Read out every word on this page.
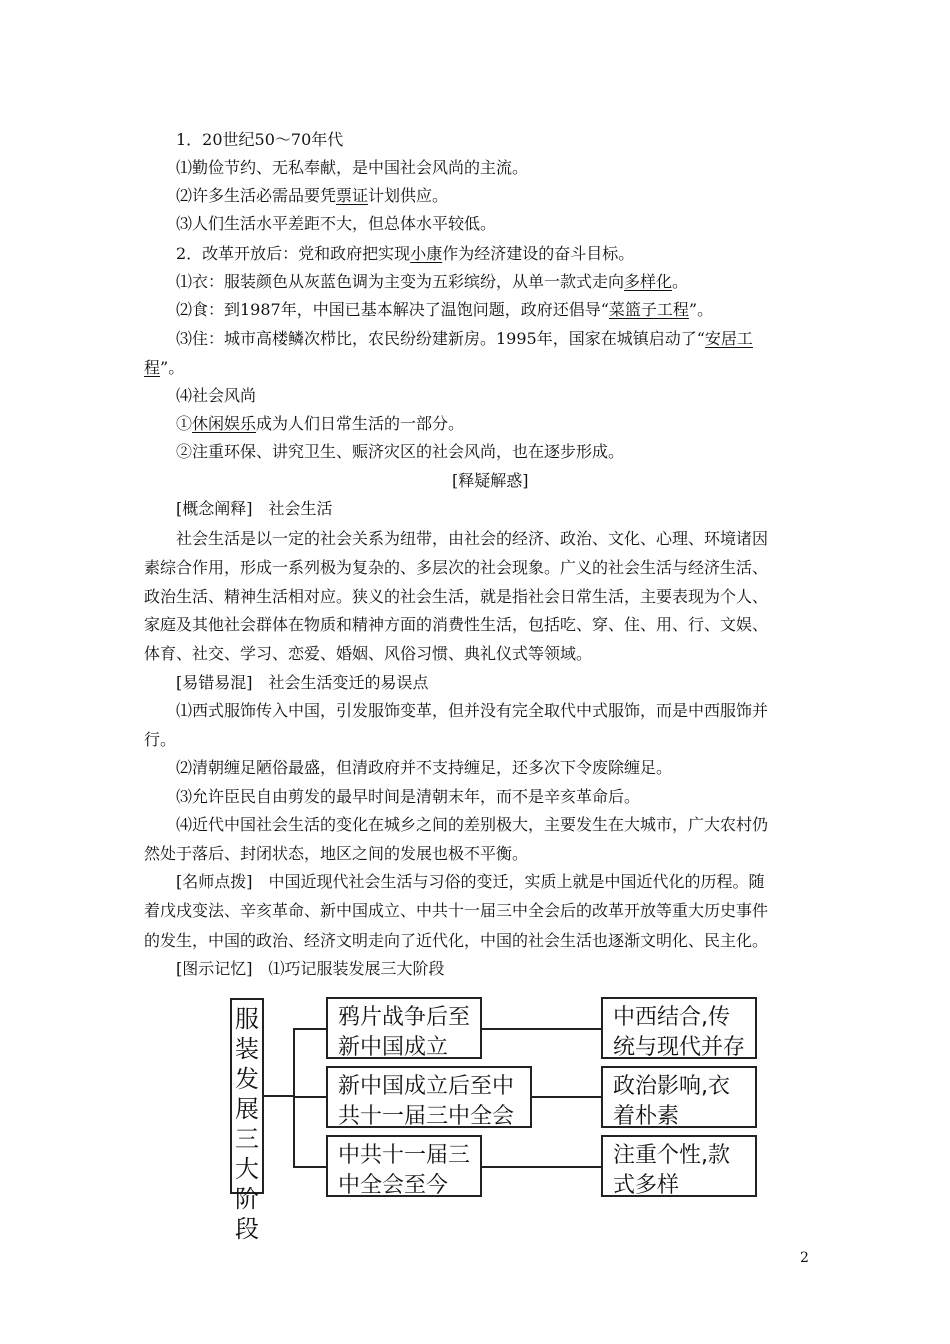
1．20世纪50～70年代
⑴勤俭节约、无私奉献，是中国社会风尚的主流。
⑵许多生活必需品要凭票证计划供应。
⑶人们生活水平差距不大，但总体水平较低。
2．改革开放后：党和政府把实现小康作为经济建设的奋斗目标。
⑴衣：服装颜色从灰蓝色调为主变为五彩缤纷，从单一款式走向多样化。
⑵食：到1987年，中国已基本解决了温饱问题，政府还倡导“菜篮子工程”。
⑶住：城市高楼鳞次栉比，农民纷纷建新房。1995年，国家在城镇启动了“安居工
程”。
⑷社会风尚
①休闲娱乐成为人们日常生活的一部分。
②注重环保、讲究卫生、赈济灾区的社会风尚，也在逐步形成。
[释疑解惑]
[概念阐释]　社会生活
社会生活是以一定的社会关系为纽带，由社会的经济、政治、文化、心理、环境诸因
素综合作用，形成一系列极为复杂的、多层次的社会现象。广义的社会生活与经济生活、
政治生活、精神生活相对应。狭义的社会生活，就是指社会日常生活，主要表现为个人、
家庭及其他社会群体在物质和精神方面的消费性生活，包括吃、穿、住、用、行、文娱、
体育、社交、学习、恋爱、婚姻、风俗习惯、典礼仪式等领域。
[易错易混]　社会生活变迁的易误点
⑴西式服饰传入中国，引发服饰变革，但并没有完全取代中式服饰，而是中西服饰并
行。
⑵清朝缠足陋俗最盛，但清政府并不支持缠足，还多次下令废除缠足。
⑶允许臣民自由剪发的最早时间是清朝末年，而不是辛亥革命后。
⑷近代中国社会生活的变化在城乡之间的差别极大，主要发生在大城市，广大农村仍
然处于落后、封闭状态，地区之间的发展也极不平衡。
[名师点拨]　中国近现代社会生活与习俗的变迁，实质上就是中国近代化的历程。随
着戊戌变法、辛亥革命、新中国成立、中共十一届三中全会后的改革开放等重大历史事件
的发生，中国的政治、经济文明走向了近代化，中国的社会生活也逐渐文明化、民主化。
[图示记忆]　⑴巧记服装发展三大阶段
服装发展三大阶段
鸦片战争后至新中国成立
中西结合,传统与现代并存
新中国成立后至中共十一届三中全会
政治影响,衣着朴素
中共十一届三中全会至今
注重个性,款式多样
2
